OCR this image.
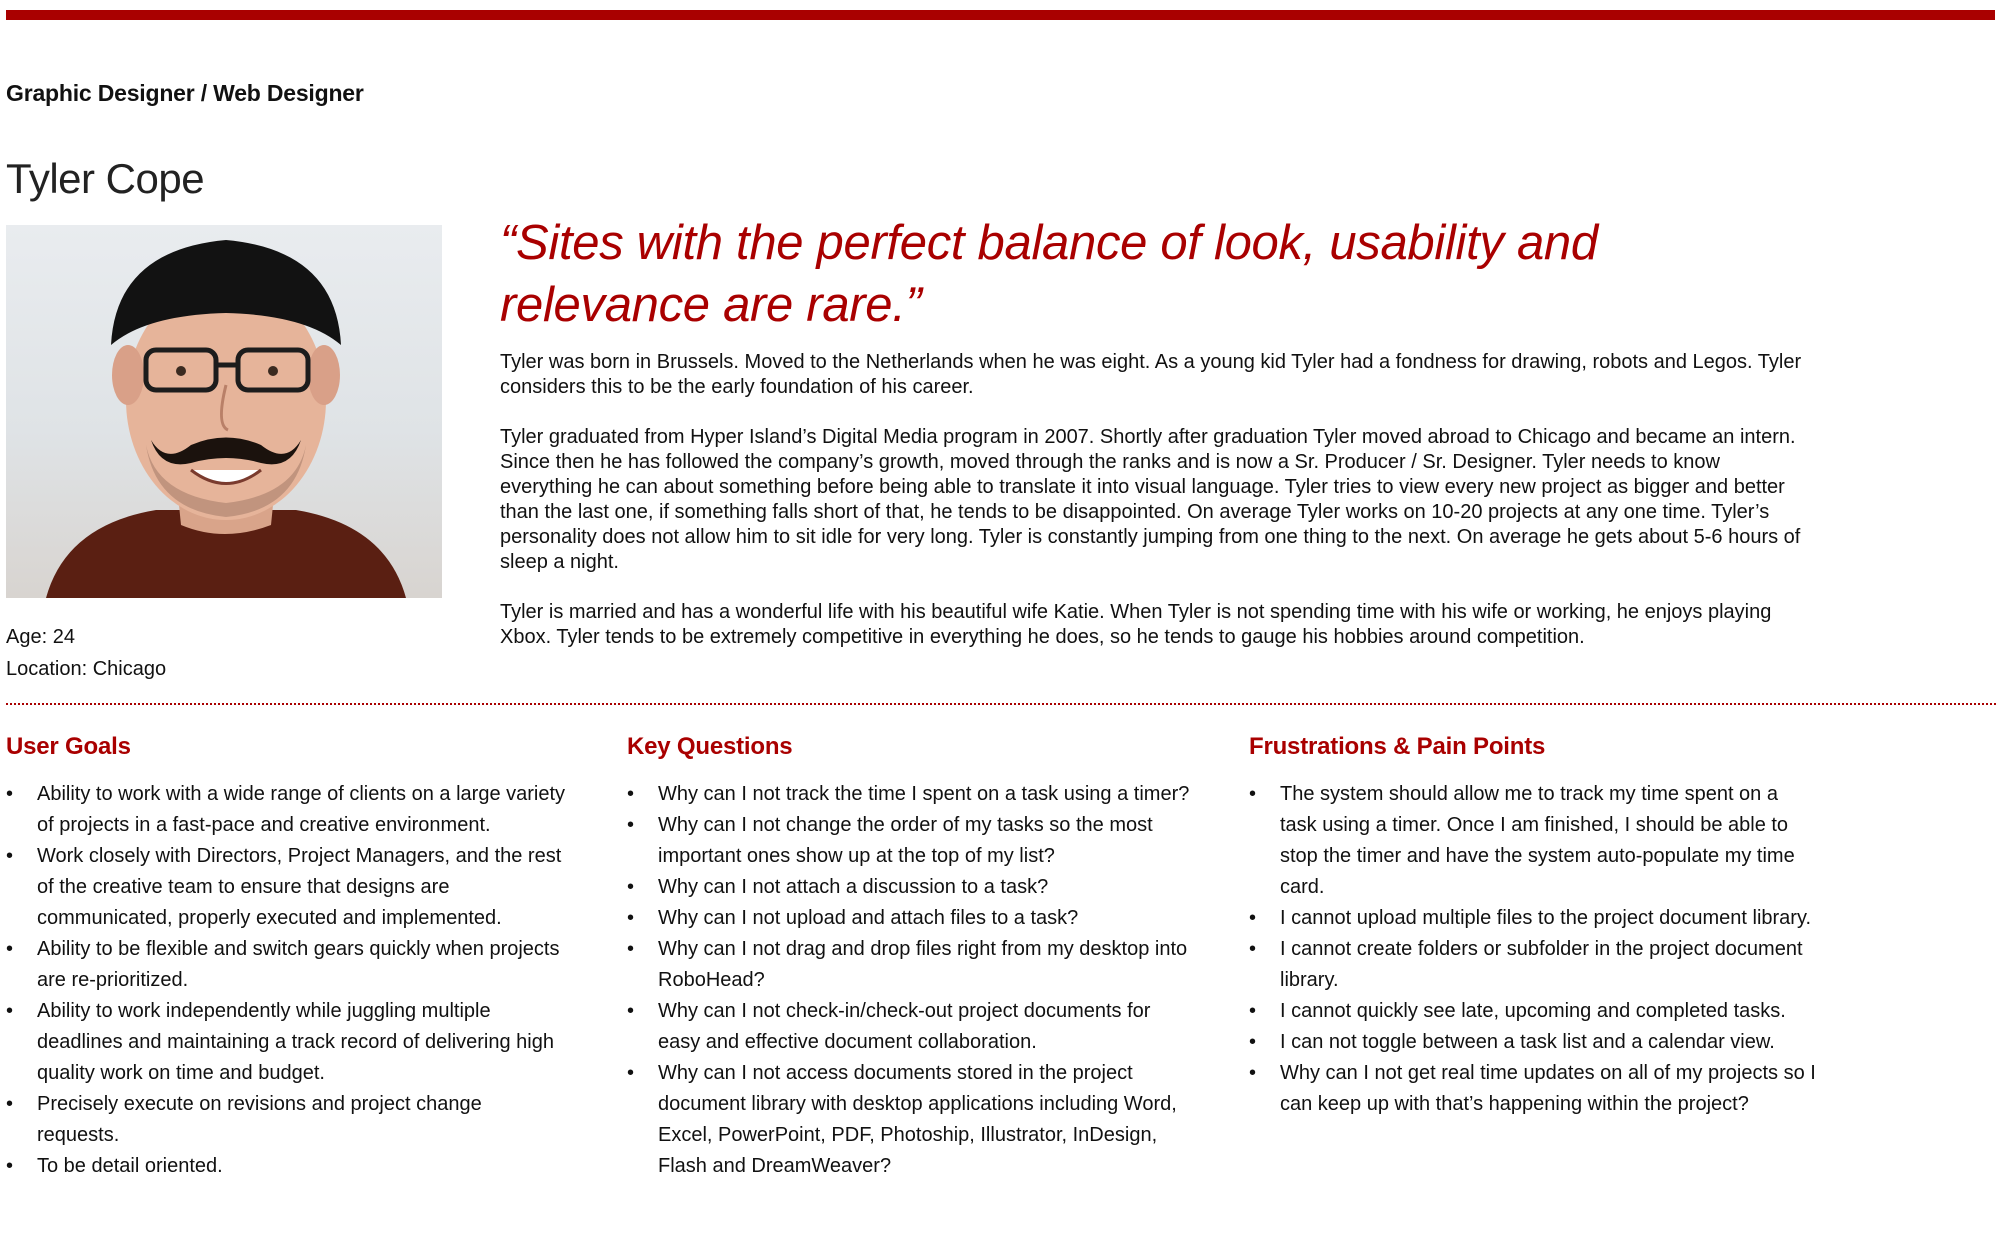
Graphic Designer / Web Designer
Tyler Cope
Age: 24
Location: Chicago
“Sites with the perfect balance of look, usability and relevance are rare.”

Tyler was born in Brussels. Moved to the Netherlands when he was eight. As a young kid Tyler had a fondness for drawing, robots and Legos. Tyler considers this to be the early foundation of his career.

Tyler graduated from Hyper Island’s Digital Media program in 2007. Shortly after graduation Tyler moved abroad to Chicago and became an intern. Since then he has followed the company’s growth, moved through the ranks and is now a Sr. Producer / Sr. Designer. Tyler needs to know everything he can about something before being able to translate it into visual language. Tyler tries to view every new project as bigger and better than the last one, if something falls short of that, he tends to be disappointed. On average Tyler works on 10-20 projects at any one time. Tyler’s personality does not allow him to sit idle for very long. Tyler is constantly jumping from one thing to the next. On average he gets about 5-6 hours of sleep a night.

Tyler is married and has a wonderful life with his beautiful wife Katie. When Tyler is not spending time with his wife or working, he enjoys playing Xbox. Tyler tends to be extremely competitive in everything he does, so he tends to gauge his hobbies around competition.

User Goals
• Ability to work with a wide range of clients on a large variety of projects in a fast-pace and creative environment.
• Work closely with Directors, Project Managers, and the rest of the creative team to ensure that designs are communicated, properly executed and implemented.
• Ability to be flexible and switch gears quickly when projects are re-prioritized.
• Ability to work independently while juggling multiple deadlines and maintaining a track record of delivering high quality work on time and budget.
• Precisely execute on revisions and project change requests.
• To be detail oriented.
Key Questions
• Why can I not track the time I spent on a task using a timer?
• Why can I not change the order of my tasks so the most important ones show up at the top of my list?
• Why can I not attach a discussion to a task?
• Why can I not upload and attach files to a task?
• Why can I not drag and drop files right from my desktop into RoboHead?
• Why can I not check-in/check-out project documents for easy and effective document collaboration.
• Why can I not access documents stored in the project document library with desktop applications including Word, Excel, PowerPoint, PDF, Photoship, Illustrator, InDesign, Flash and DreamWeaver?
Frustrations & Pain Points
• The system should allow me to track my time spent on a task using a timer. Once I am finished, I should be able to stop the timer and have the system auto-populate my time card.
• I cannot upload multiple files to the project document library.
• I cannot create folders or subfolder in the project document library.
• I cannot quickly see late, upcoming and completed tasks.
• I can not toggle between a task list and a calendar view.
• Why can I not get real time updates on all of my projects so I can keep up with that’s happening within the project?
